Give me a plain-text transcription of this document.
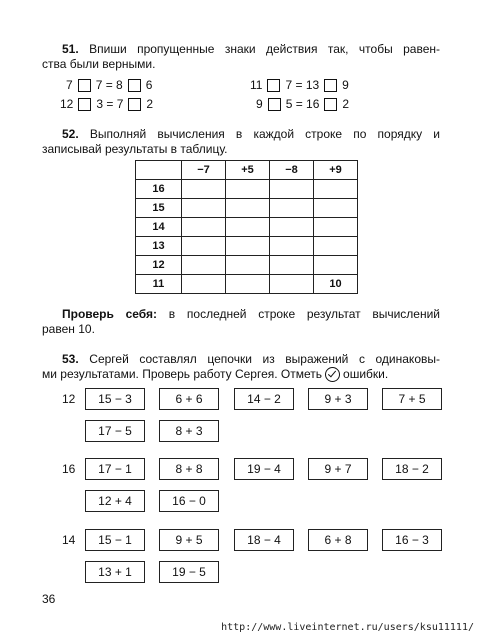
51. Впиши пропущенные знаки действия так, чтобы равен-
ства были верными.
7 7 = 8 6
12 3 = 7 2
11 7 = 13 9
9 5 = 16 2
52. Выполняй вычисления в каждой строке по порядку и
записывай результаты в таблицу.
	−7	+5	−8	+9
16				
15				
14				
13				
12				
11				10
Проверь себя: в последней строке результат вычислений
равен 10.
53. Сергей составлял цепочки из выражений с одинаковы-
ми результатами. Проверь работу Сергея. Отметь ошибки.
12	15 − 3	6 + 6	14 − 2	9 + 3	7 + 5
17 − 5	8 + 3
16	17 − 1	8 + 8	19 − 4	9 + 7	18 − 2
12 + 4	16 − 0
14	15 − 1	9 + 5	18 − 4	6 + 8	16 − 3
13 + 1	19 − 5
36
http://www.liveinternet.ru/users/ksu11111/
